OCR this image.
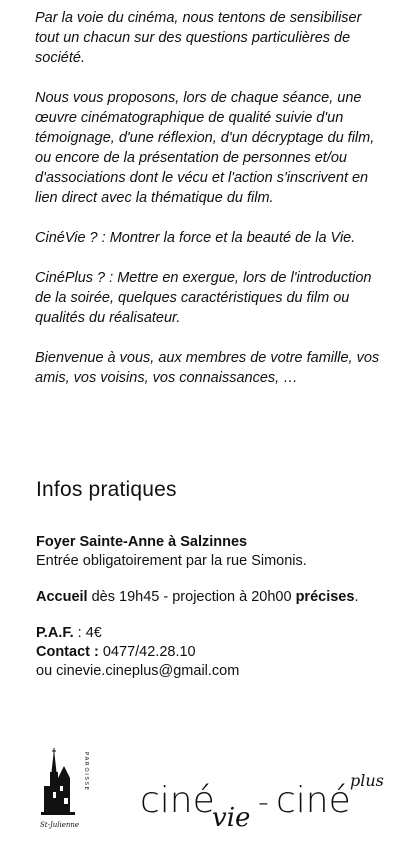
Par la voie du cinéma, nous tentons de sensibiliser
tout un chacun sur des questions particulières de
société.

Nous vous proposons, lors de chaque séance, une
œuvre cinématographique de qualité suivie d'un
témoignage, d'une réflexion, d'un décryptage du film,
ou encore de la présentation de personnes et/ou
d'associations dont le vécu et l'action s'inscrivent en
lien direct avec la thématique du film.

CinéVie ? : Montrer la force et la beauté de la Vie.

CinéPlus ? : Mettre en exergue, lors de l'introduction
de la soirée, quelques caractéristiques du film ou
qualités du réalisateur.

Bienvenue à vous, aux membres de votre famille, vos
amis, vos voisins, vos connaissances, …

Infos pratiques
Foyer Sainte-Anne à Salzinnes
Entrée obligatoirement par la rue Simonis.
Accueil dès 19h45 - projection à 20h00 précises.
P.A.F. : 4€
Contact : 0477/42.28.10
ou cinevie.cineplus@gmail.com
PAROISSE
St-Julienne
ciné
vie - ciné plus
